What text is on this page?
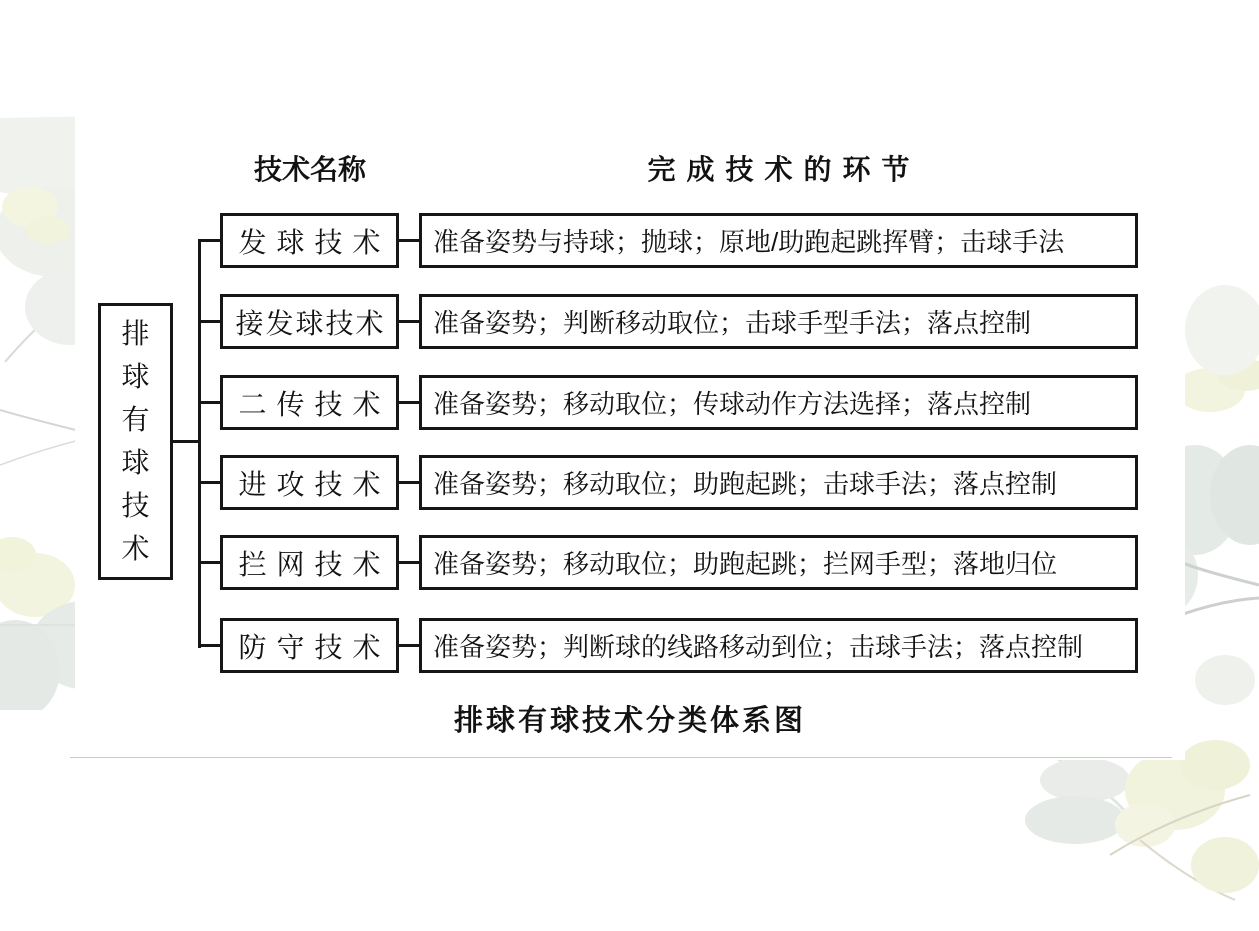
技术名称	完成技术的环节
排
球
有
球
技
术
发球技术	准备姿势与持球；抛球；原地/助跑起跳挥臂；击球手法
接发球技术	准备姿势；判断移动取位；击球手型手法；落点控制
二传技术	准备姿势；移动取位；传球动作方法选择；落点控制
进攻技术	准备姿势；移动取位；助跑起跳；击球手法；落点控制
拦网技术	准备姿势；移动取位；助跑起跳；拦网手型；落地归位
防守技术	准备姿势；判断球的线路移动到位；击球手法；落点控制
排球有球技术分类体系图
